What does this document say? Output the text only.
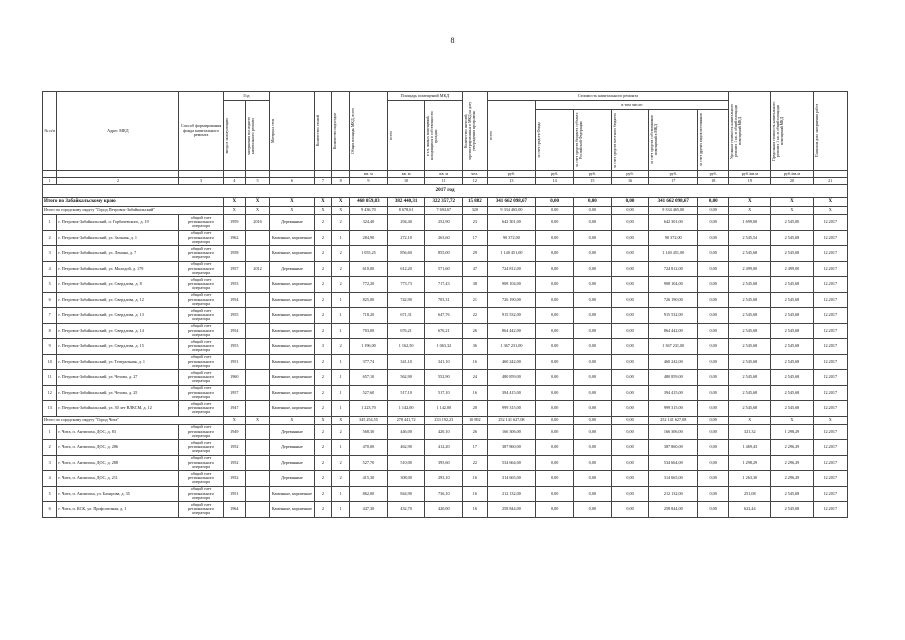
8
№ п/п	Адрес МКД	Способ формирования фонда капитального ремонта	Год		Материал стен	Количество этажей	Количество подъездов	Общая площадь МКД, всего	Площадь помещений МКД		Количество жителей, зарегистрированных в МКД на дату утверждения программы	Стоимость капитального ремонта						Удельная стоимость капитального ремонта 1 кв. м общей площади помещений МКД	Предельная стоимость капитального ремонта 1 кв. м общей площади помещений МКД	Плановая дата завершения работ

			ввода в эксплуатацию	завершения последнего капитального ремонта					всего	в т.ч. жилых помещений, находящихся в собственности граждан		всего	в том числе:							

													за счет средств Фонда	за счет средств бюджета субъекта Российской Федерации	за счет средств местного бюджета	за счет средств собственников помещений в МКД	за счет других видов источников			

								кв. м	кв. м	кв. м	чел.	руб.	руб.	руб.	руб.	руб.	руб.	руб./кв.м	руб./кв.м	
1	2	3	4	5	6	7	8	9	10	11	12	13	14	15	16	17	18	19	20	21
2017 год																				
Итого по Забайкальскому краю			X	X	X	X	X	468 059,83	382 440,31	322 357,72	15 882	341 662 098,67	0,00	0,00	0,00	341 662 098,67	0,00	X	X	X
Итого по городскому округу "Город Петровск-Забайкальский"			X	X	X	X	X	9 436,70	8 678,61	7 694,67	320	9 334 465,00	0,00	0,00	0,00	9 334 465,00	0,00	X	X	X
1	г. Петровск-Забайкальский, п. Горбачевского, д. 19	общий счет регионального оператора	1959	2016	Деревянные	2	2	324,40	294,40	252,90	23	642 301,00	0,00	0,00	0,00	642 301,00	0,00	1 699,00	2 545,00	12.2017
2	г. Петровск-Забайкальский, ул. Зальная, д. 1	общий счет регионального оператора	1962		Каменные, кирпичные	2	1	284,90	272,10	263,60	17	90 372,00	0,00	0,00	0,00	90 372,00	0,00	2 545,54	2 545,68	12.2017
3	г. Петровск-Забайкальский, ул. Ленина, д. 7	общий счет регионального оператора	1958		Каменные, кирпичные	2	2	1 055,25	856,60	855,00	29	1 140 451,00	0,00	0,00	0,00	1 140 451,00	0,00	2 545,68	2 545,68	12.2017
4	г. Петровск-Забайкальский, ул. Молодой, д. 179	общий счет регионального оператора	1957	2012	Деревянные	2	2	610,00	612,20	571,60	47	724 812,00	0,00	0,00	0,00	724 812,00	0,00	2 499,00	2 499,00	12.2017
5	г. Петровск-Забайкальский, ул. Свердлова, д. 8	общий счет регионального оператора	1953		Каменные, кирпичные	2	2	772,20	773,73	717,43	38	908 104,00	0,00	0,00	0,00	908 104,00	0,00	2 545,68	2 545,68	12.2017
6	г. Петровск-Забайкальский, ул. Свердлова, д. 12	общий счет регионального оператора	1954		Каменные, кирпичные	2	1	825,00	742,90	703,31	21	726 190,00	0,00	0,00	0,00	726 190,00	0,00	2 545,68	2 545,68	12.2017
7	г. Петровск-Забайкальский, ул. Свердлова, д. 13	общий счет регионального оператора	1955		Каменные, кирпичные	2	1	718,20	671,31	647,76	22	915 532,00	0,00	0,00	0,00	915 532,00	0,00	2 545,68	2 545,68	12.2017
8	г. Петровск-Забайкальский, ул. Свердлова, д. 14	общий счет регионального оператора	1954		Каменные, кирпичные	2	1	703,00	676,21	676,21	26	864 442,00	0,00	0,00	0,00	864 442,00	0,00	2 545,68	2 545,68	12.2017
9	г. Петровск-Забайкальский, ул. Свердлова, д. 15	общий счет регионального оператора	1953		Каменные, кирпичные	3	2	1 196,00	1 162,50	1 063,32	36	1 367 231,00	0,00	0,00	0,00	1 367 231,00	0,00	2 545,68	2 545,68	12.2017
10	г. Петровск-Забайкальский, ул. Театральная, д. 1	общий счет регионального оператора	1951		Каменные, кирпичные	2	1	377,74	341,10	341,10	16	460 242,00	0,00	0,00	0,00	460 242,00	0,00	2 545,68	2 545,68	12.2017
11	г. Петровск-Забайкальский, ул. Чехова, д. 27	общий счет регионального оператора	1960		Каменные, кирпичные	2	1	657,10	562,90	552,90	24	480 859,00	0,00	0,00	0,00	480 859,00	0,00	2 545,68	2 545,68	12.2017
12	г. Петровск-Забайкальский, ул. Чехова, д. 25	общий счет регионального оператора	1957		Каменные, кирпичные	2	1	527,60	517,10	517,10	16	394 415,00	0,00	0,00	0,00	394 415,00	0,00	2 545,68	2 545,68	12.2017
13	г. Петровск-Забайкальский, ул. 30 лет ВЛКСМ, д. 12	общий счет регионального оператора	1947		Каменные, кирпичные	2	1	1 223,70	1 142,00	1 142,00	20	999 315,00	0,00	0,00	0,00	999 315,00	0,00	2 545,68	2 545,68	12.2017
Итого по городскому округу "Город Чита"			X	X	X	X	X	345 254,55	278 441,72	233 192,23	10 892	252 141 627,08	0,00	0,00	0,00	252 141 627,08	0,00	X	X	X
1	г. Чита, п. Антипиха, ДОС, д. 83	общий счет регионального оператора	1949		Деревянные	2	2	568,30	446,00	420,10	26	166 306,00	0,00	0,00	0,00	166 306,00	0,00	321,32	1 298,29	12.2017
2	г. Чита, п. Антипиха, ДОС, д. 286	общий счет регионального оператора	1952		Деревянные	2	1	470,00	462,90	412,20	17	387 860,00	0,00	0,00	0,00	387 860,00	0,00	1 469,43	2 296,29	12.2017
3	г. Чита, п. Антипиха, ДОС, д. 288	общий счет регионального оператора	1952		Деревянные	2	2	527,70	510,00	395,60	22	534 664,00	0,00	0,00	0,00	534 664,00	0,00	1 298,29	2 296,29	12.2017
4	г. Чита, п. Антипиха, ДОС, д. 211	общий счет регионального оператора	1952		Деревянные	2	2	415,30	308,00	293,10	16	314 665,00	0,00	0,00	0,00	314 665,00	0,00	1 263,30	2 296,29	12.2017
5	г. Чита, п. Антипиха, ул. Бахирова, д. 35	общий счет регионального оператора	1951		Каменные, кирпичные	2	1	862,00	844,90	736,10	16	212 132,00	0,00	0,00	0,00	212 132,00	0,00	251,08	2 545,68	12.2017
6	г. Чита, п. КСК, ул. Профсоюзная, д. 1	общий счет регионального оператора	1964		Каменные, кирпичные	2	1	447,30	432,70	420,00	16	258 844,00	0,00	0,00	0,00	258 844,00	0,00	622,44	2 545,68	12.2017
